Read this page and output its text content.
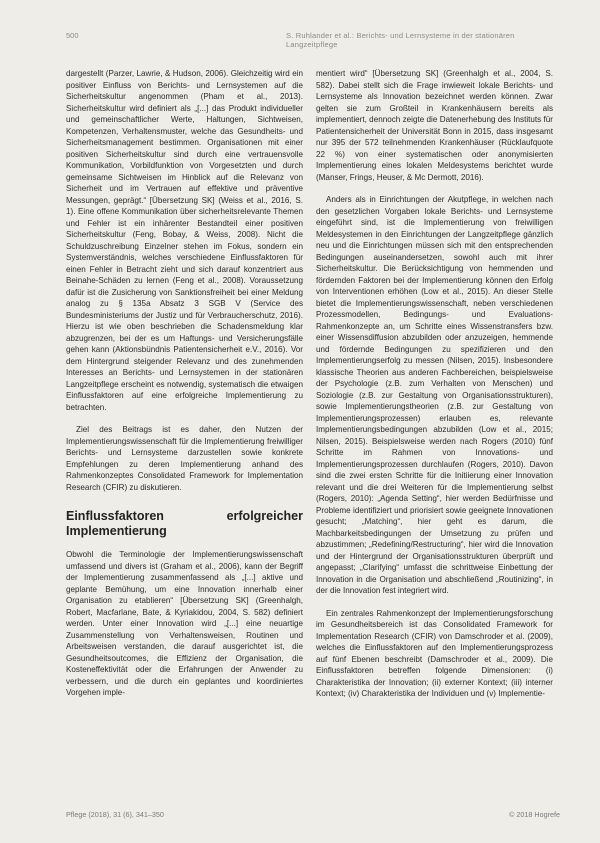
500	S. Ruhlander et al.: Berichts- und Lernsysteme in der stationären Langzeitpflege

dargestellt (Parzer, Lawrie, & Hudson, 2006). Gleichzeitig wird ein positiver Einfluss von Berichts- und Lernsystemen auf die Sicherheitskultur angenommen (Pham et al., 2013). Sicherheitskultur wird definiert als „[...] das Produkt individueller und gemeinschaftlicher Werte, Haltungen, Sichtweisen, Kompetenzen, Verhaltensmuster, welche das Gesundheits- und Sicherheitsmanagement bestimmen. Organisationen mit einer positiven Sicherheitskultur sind durch eine vertrauensvolle Kommunikation, Vorbildfunktion von Vorgesetzten und durch gemeinsame Sichtweisen im Hinblick auf die Relevanz von Sicherheit und im Vertrauen auf effektive und präventive Messungen, geprägt.“ [Übersetzung SK] (Weiss et al., 2016, S. 1). Eine offene Kommunikation über sicherheitsrelevante Themen und Fehler ist ein inhärenter Bestandteil einer positiven Sicherheitskultur (Feng, Bobay, & Weiss, 2008). Nicht die Schuldzuschreibung Einzelner stehen im Fokus, sondern ein Systemverständnis, welches verschiedene Einflussfaktoren für einen Fehler in Betracht zieht und sich darauf konzentriert aus Beinahe-Schäden zu lernen (Feng et al., 2008). Voraussetzung dafür ist die Zusicherung von Sanktionsfreiheit bei einer Meldung analog zu § 135a Absatz 3 SGB V (Service des Bundesministeriums der Justiz und für Verbraucherschutz, 2016). Hierzu ist wie oben beschrieben die Schadensmeldung klar abzugrenzen, bei der es um Haftungs- und Versicherungsfälle gehen kann (Aktionsbündnis Patientensicherheit e.V., 2016). Vor dem Hintergrund steigender Relevanz und des zunehmenden Interesses an Berichts- und Lernsystemen in der stationären Langzeitpflege erscheint es notwendig, systematisch die etwaigen Einflussfaktoren auf eine erfolgreiche Implementierung zu betrachten.

Ziel des Beitrags ist es daher, den Nutzen der Implementierungswissenschaft für die Implementierung freiwilliger Berichts- und Lernsysteme darzustellen sowie konkrete Empfehlungen zu deren Implementierung anhand des Rahmenkonzeptes Consolidated Framework for Implementation Research (CFIR) zu diskutieren.

Einflussfaktoren erfolgreicher Implementierung

Obwohl die Terminologie der Implementierungswissenschaft umfassend und divers ist (Graham et al., 2006), kann der Begriff der Implementierung zusammenfassend als „[...] aktive und geplante Bemühung, um eine Innovation innerhalb einer Organisation zu etablieren“ [Übersetzung SK] (Greenhalgh, Robert, Macfarlane, Bate, & Kyriakidou, 2004, S. 582) definiert werden. Unter einer Innovation wird „[...] eine neuartige Zusammenstellung von Verhaltensweisen, Routinen und Arbeitsweisen verstanden, die darauf ausgerichtet ist, die Gesundheitsoutcomes, die Effizienz der Organisation, die Kosteneffektivität oder die Erfahrungen der Anwender zu verbessern, und die durch ein geplantes und koordiniertes Vorgehen imple-

mentiert wird“ [Übersetzung SK] (Greenhalgh et al., 2004, S. 582). Dabei stellt sich die Frage inwieweit lokale Berichts- und Lernsysteme als Innovation bezeichnet werden können. Zwar gelten sie zum Großteil in Krankenhäusern bereits als implementiert, dennoch zeigte die Datenerhebung des Instituts für Patientensicherheit der Universität Bonn in 2015, dass insgesamt nur 395 der 572 teilnehmenden Krankenhäuser (Rücklaufquote 22 %) von einer systematischen oder anonymisierten Implementierung eines lokalen Meldesystems berichtet wurde (Manser, Frings, Heuser, & Mc Dermott, 2016).

Anders als in Einrichtungen der Akutpflege, in welchen nach den gesetzlichen Vorgaben lokale Berichts- und Lernsysteme eingeführt sind, ist die Implementierung von freiwilligen Meldesystemen in den Einrichtungen der Langzeitpflege gänzlich neu und die Einrichtungen müssen sich mit den entsprechenden Bedingungen auseinandersetzen, sowohl auch mit ihrer Sicherheitskultur. Die Berücksichtigung von hemmenden und fördernden Faktoren bei der Implementierung können den Erfolg von Interventionen erhöhen (Low et al., 2015). An dieser Stelle bietet die Implementierungswissenschaft, neben verschiedenen Prozessmodellen, Bedingungs- und Evaluations-Rahmenkonzepte an, um Schritte eines Wissenstransfers bzw. einer Wissensdiffusion abzubilden oder anzuzeigen, hemmende und fördernde Bedingungen zu spezifizieren und den Implementierungserfolg zu messen (Nilsen, 2015). Insbesondere klassische Theorien aus anderen Fachbereichen, beispielsweise der Psychologie (z.B. zum Verhalten von Menschen) und Soziologie (z.B. zur Gestaltung von Organisationsstrukturen), sowie Implementierungstheorien (z.B. zur Gestaltung von Implementierungsprozessen) erlauben es, relevante Implementierungsbedingungen abzubilden (Low et al., 2015; Nilsen, 2015). Beispielsweise werden nach Rogers (2010) fünf Schritte im Rahmen von Innovations- und Implementierungsprozessen durchlaufen (Rogers, 2010). Davon sind die zwei ersten Schritte für die Initiierung einer Innovation relevant und die drei Weiteren für die Implementierung selbst (Rogers, 2010): „Agenda Setting“, hier werden Bedürfnisse und Probleme identifiziert und priorisiert sowie geeignete Innovationen gesucht; „Matching“, hier geht es darum, die Machbarkeitsbedingungen der Umsetzung zu prüfen und abzustimmen; „Redefining/Restructuring“, hier wird die Innovation und der Hintergrund der Organisationsstrukturen überprüft und angepasst; „Clarifying“ umfasst die schrittweise Einbettung der Innovation in die Organisation und abschließend „Routinizing“, in der die Innovation fest integriert wird.

Ein zentrales Rahmenkonzept der Implementierungsforschung im Gesundheitsbereich ist das Consolidated Framework for Implementation Research (CFIR) von Damschroder et al. (2009), welches die Einflussfaktoren auf den Implementierungsprozess auf fünf Ebenen beschreibt (Damschroder et al., 2009). Die Einflussfaktoren betreffen folgende Dimensionen: (i) Charakteristika der Innovation; (ii) externer Kontext; (iii) interner Kontext; (iv) Charakteristika der Individuen und (v) Implementie-

Pflege (2018), 31 (6), 341–350	© 2018 Hogrefe
